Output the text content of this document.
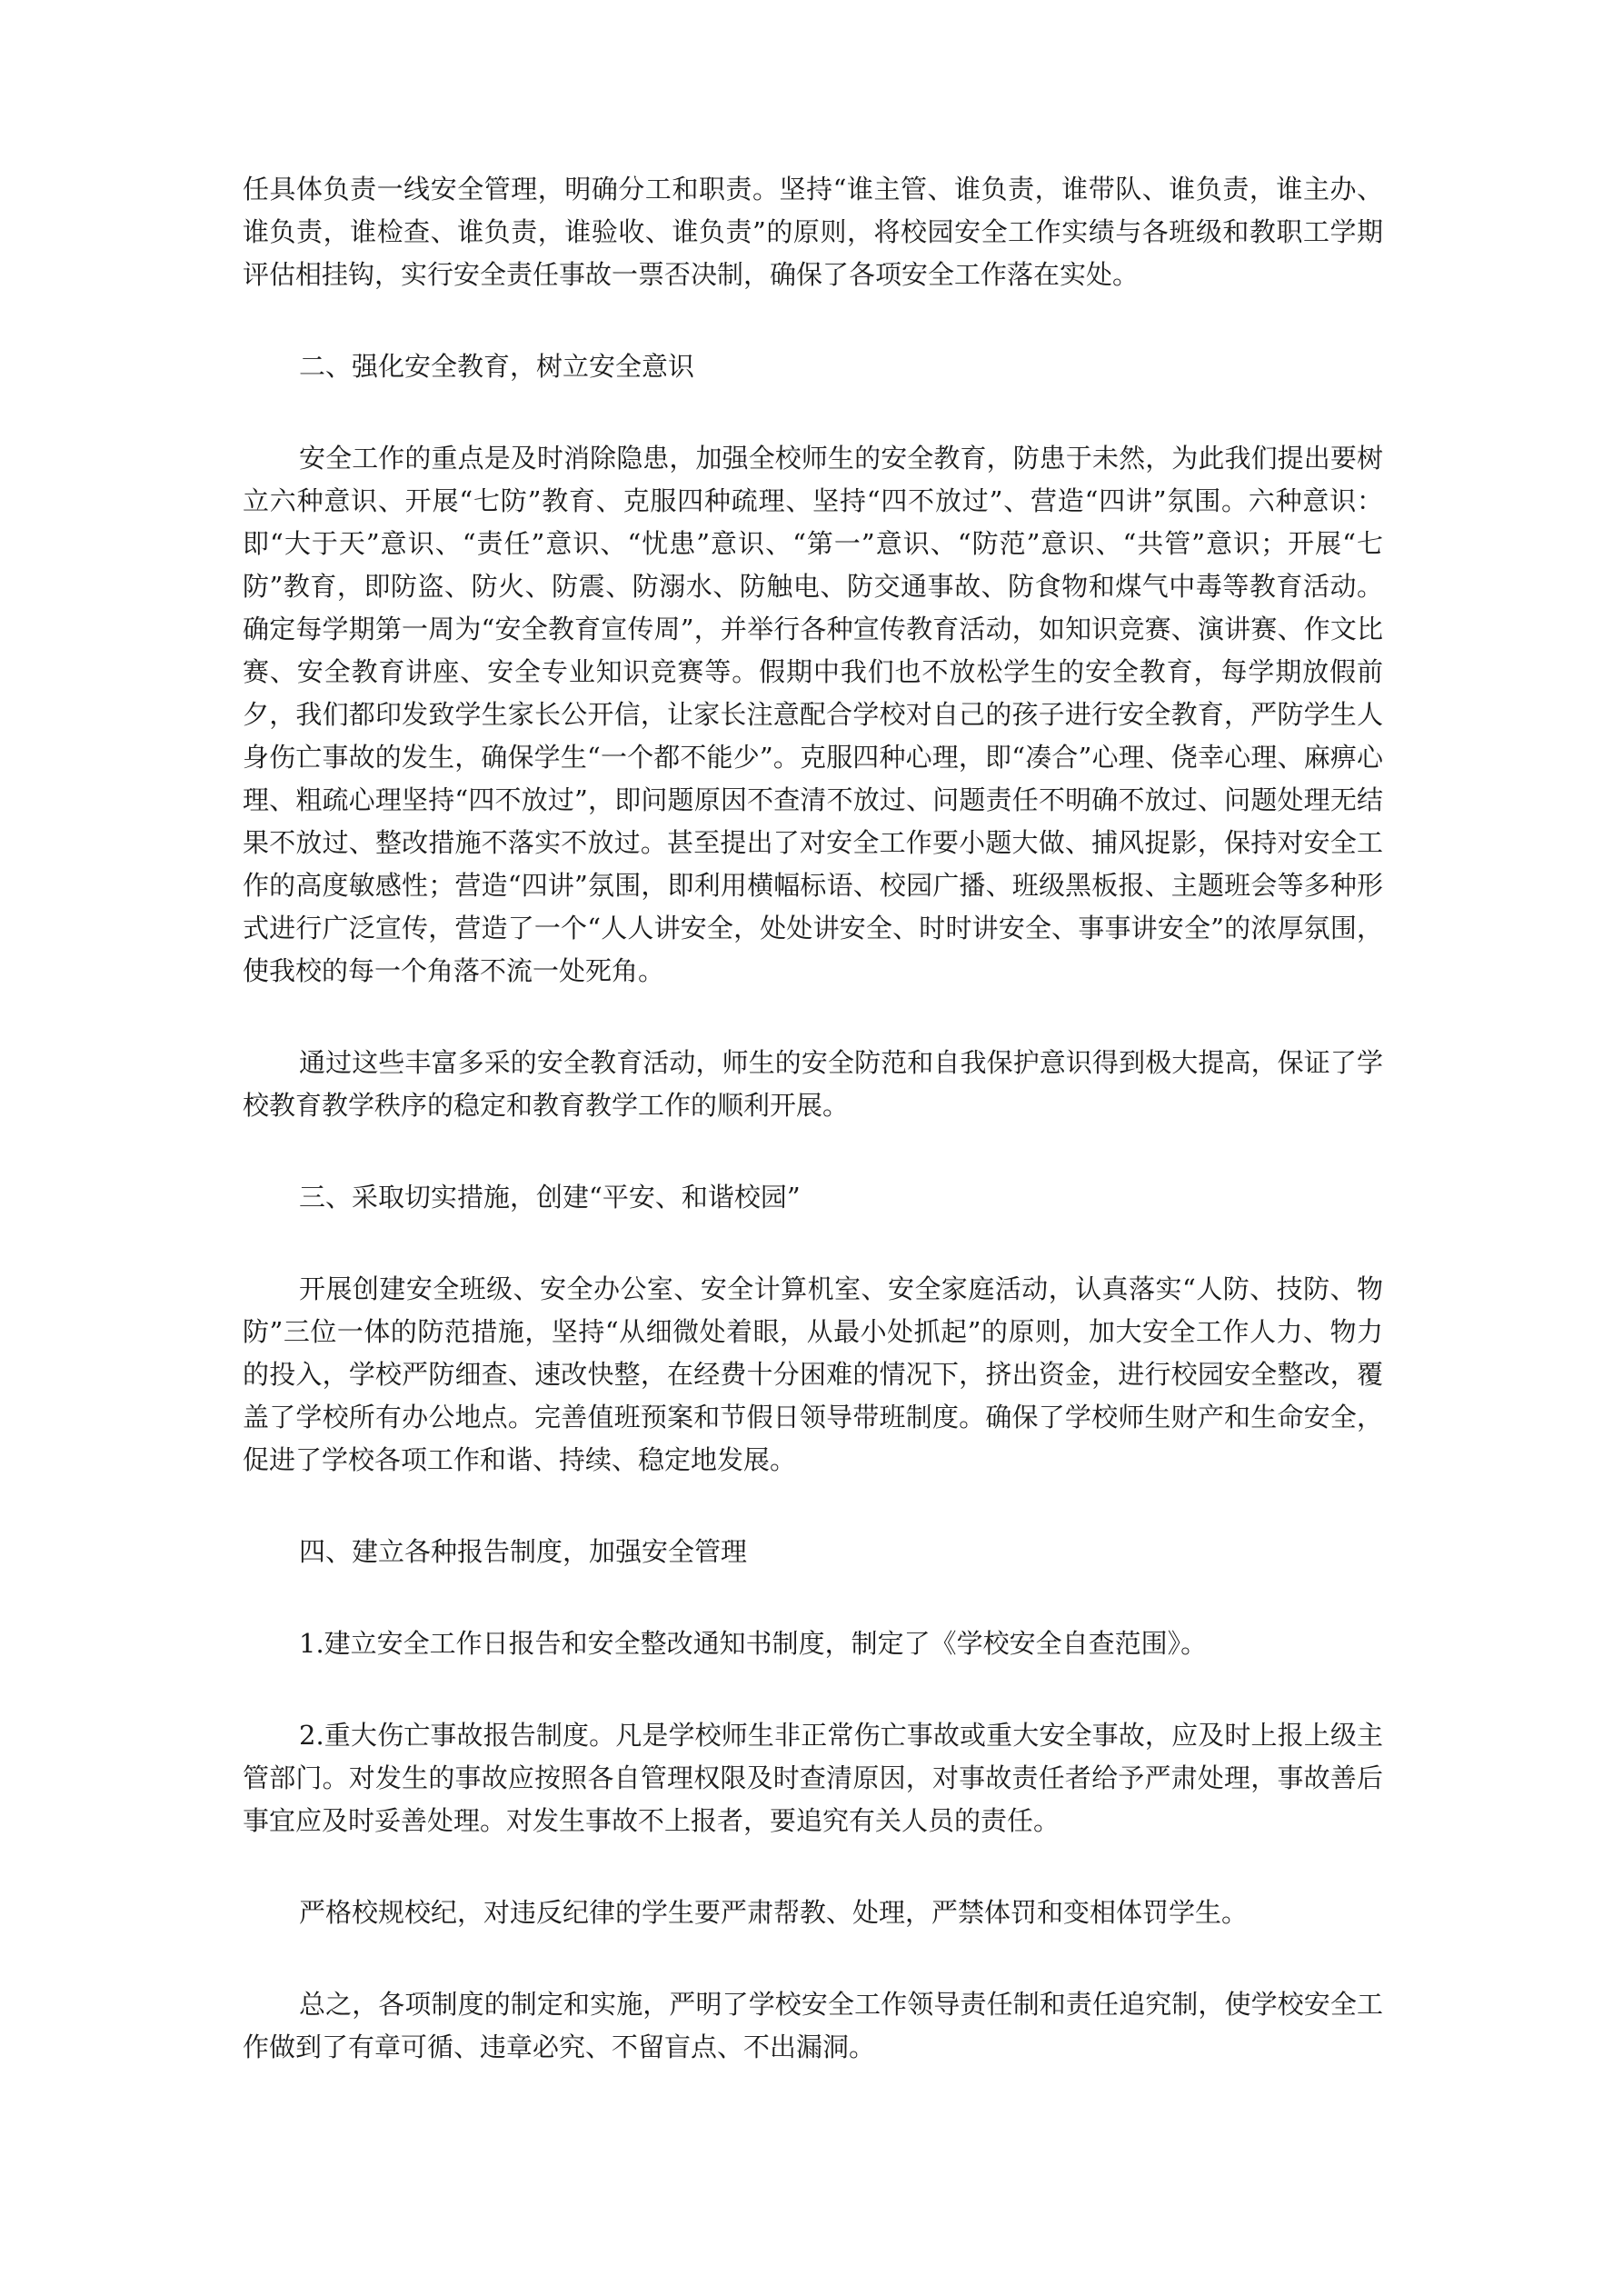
任具体负责一线安全管理，明确分工和职责。坚持“谁主管、谁负责，谁带队、谁负责，谁主办、谁负责，谁检查、谁负责，谁验收、谁负责”的原则，将校园安全工作实绩与各班级和教职工学期评估相挂钩，实行安全责任事故一票否决制，确保了各项安全工作落在实处。

二、强化安全教育，树立安全意识

安全工作的重点是及时消除隐患，加强全校师生的安全教育，防患于未然，为此我们提出要树立六种意识、开展“七防”教育、克服四种疏理、坚持“四不放过”、营造“四讲”氛围。六种意识：即“大于天”意识、“责任”意识、“忧患”意识、“第一”意识、“防范”意识、“共管”意识；开展“七防”教育，即防盗、防火、防震、防溺水、防触电、防交通事故、防食物和煤气中毒等教育活动。确定每学期第一周为“安全教育宣传周”，并举行各种宣传教育活动，如知识竞赛、演讲赛、作文比赛、安全教育讲座、安全专业知识竞赛等。假期中我们也不放松学生的安全教育，每学期放假前夕，我们都印发致学生家长公开信，让家长注意配合学校对自己的孩子进行安全教育，严防学生人身伤亡事故的发生，确保学生“一个都不能少”。克服四种心理，即“凑合”心理、侥幸心理、麻痹心理、粗疏心理坚持“四不放过”，即问题原因不查清不放过、问题责任不明确不放过、问题处理无结果不放过、整改措施不落实不放过。甚至提出了对安全工作要小题大做、捕风捉影，保持对安全工作的高度敏感性；营造“四讲”氛围，即利用横幅标语、校园广播、班级黑板报、主题班会等多种形式进行广泛宣传，营造了一个“人人讲安全，处处讲安全、时时讲安全、事事讲安全”的浓厚氛围，使我校的每一个角落不流一处死角。

通过这些丰富多采的安全教育活动，师生的安全防范和自我保护意识得到极大提高，保证了学校教育教学秩序的稳定和教育教学工作的顺利开展。

三、采取切实措施，创建“平安、和谐校园”

开展创建安全班级、安全办公室、安全计算机室、安全家庭活动，认真落实“人防、技防、物防”三位一体的防范措施，坚持“从细微处着眼，从最小处抓起”的原则，加大安全工作人力、物力的投入，学校严防细查、速改快整，在经费十分困难的情况下，挤出资金，进行校园安全整改，覆盖了学校所有办公地点。完善值班预案和节假日领导带班制度。确保了学校师生财产和生命安全，促进了学校各项工作和谐、持续、稳定地发展。

四、建立各种报告制度，加强安全管理

1.建立安全工作日报告和安全整改通知书制度，制定了《学校安全自查范围》。

2.重大伤亡事故报告制度。凡是学校师生非正常伤亡事故或重大安全事故，应及时上报上级主管部门。对发生的事故应按照各自管理权限及时查清原因，对事故责任者给予严肃处理，事故善后事宜应及时妥善处理。对发生事故不上报者，要追究有关人员的责任。

严格校规校纪，对违反纪律的学生要严肃帮教、处理，严禁体罚和变相体罚学生。

总之，各项制度的制定和实施，严明了学校安全工作领导责任制和责任追究制，使学校安全工作做到了有章可循、违章必究、不留盲点、不出漏洞。
